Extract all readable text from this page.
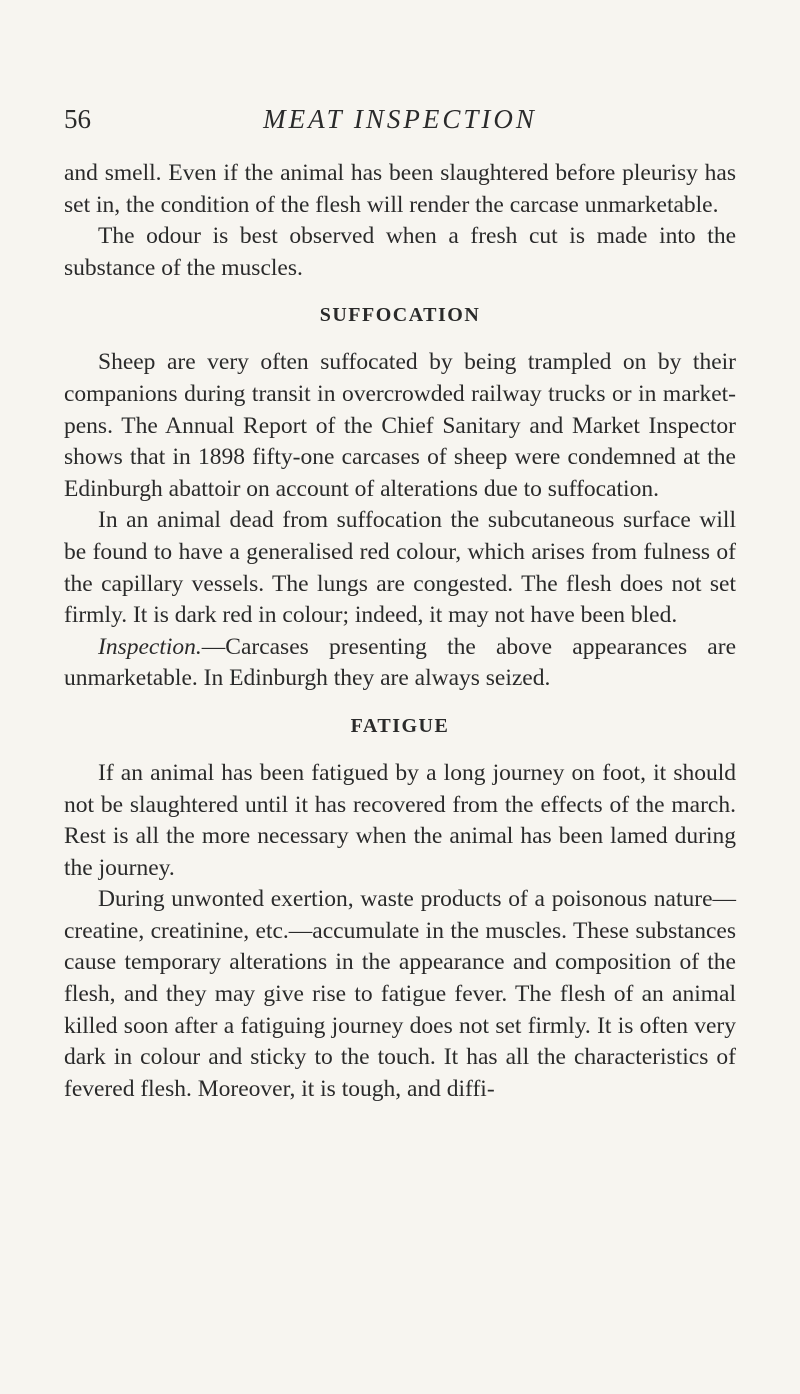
56	MEAT INSPECTION

and smell. Even if the animal has been slaughtered before pleurisy has set in, the condition of the flesh will render the carcase unmarketable.

The odour is best observed when a fresh cut is made into the substance of the muscles.

SUFFOCATION

Sheep are very often suffocated by being trampled on by their companions during transit in overcrowded railway trucks or in market-pens. The Annual Report of the Chief Sanitary and Market Inspector shows that in 1898 fifty-one carcases of sheep were condemned at the Edinburgh abattoir on account of alterations due to suffocation.

In an animal dead from suffocation the subcutaneous surface will be found to have a generalised red colour, which arises from fulness of the capillary vessels. The lungs are congested. The flesh does not set firmly. It is dark red in colour; indeed, it may not have been bled.

Inspection.—Carcases presenting the above appearances are unmarketable. In Edinburgh they are always seized.

FATIGUE

If an animal has been fatigued by a long journey on foot, it should not be slaughtered until it has recovered from the effects of the march. Rest is all the more necessary when the animal has been lamed during the journey.

During unwonted exertion, waste products of a poisonous nature—creatine, creatinine, etc.—accumulate in the muscles. These substances cause temporary alterations in the appearance and composition of the flesh, and they may give rise to fatigue fever. The flesh of an animal killed soon after a fatiguing journey does not set firmly. It is often very dark in colour and sticky to the touch. It has all the characteristics of fevered flesh. Moreover, it is tough, and diffi-
